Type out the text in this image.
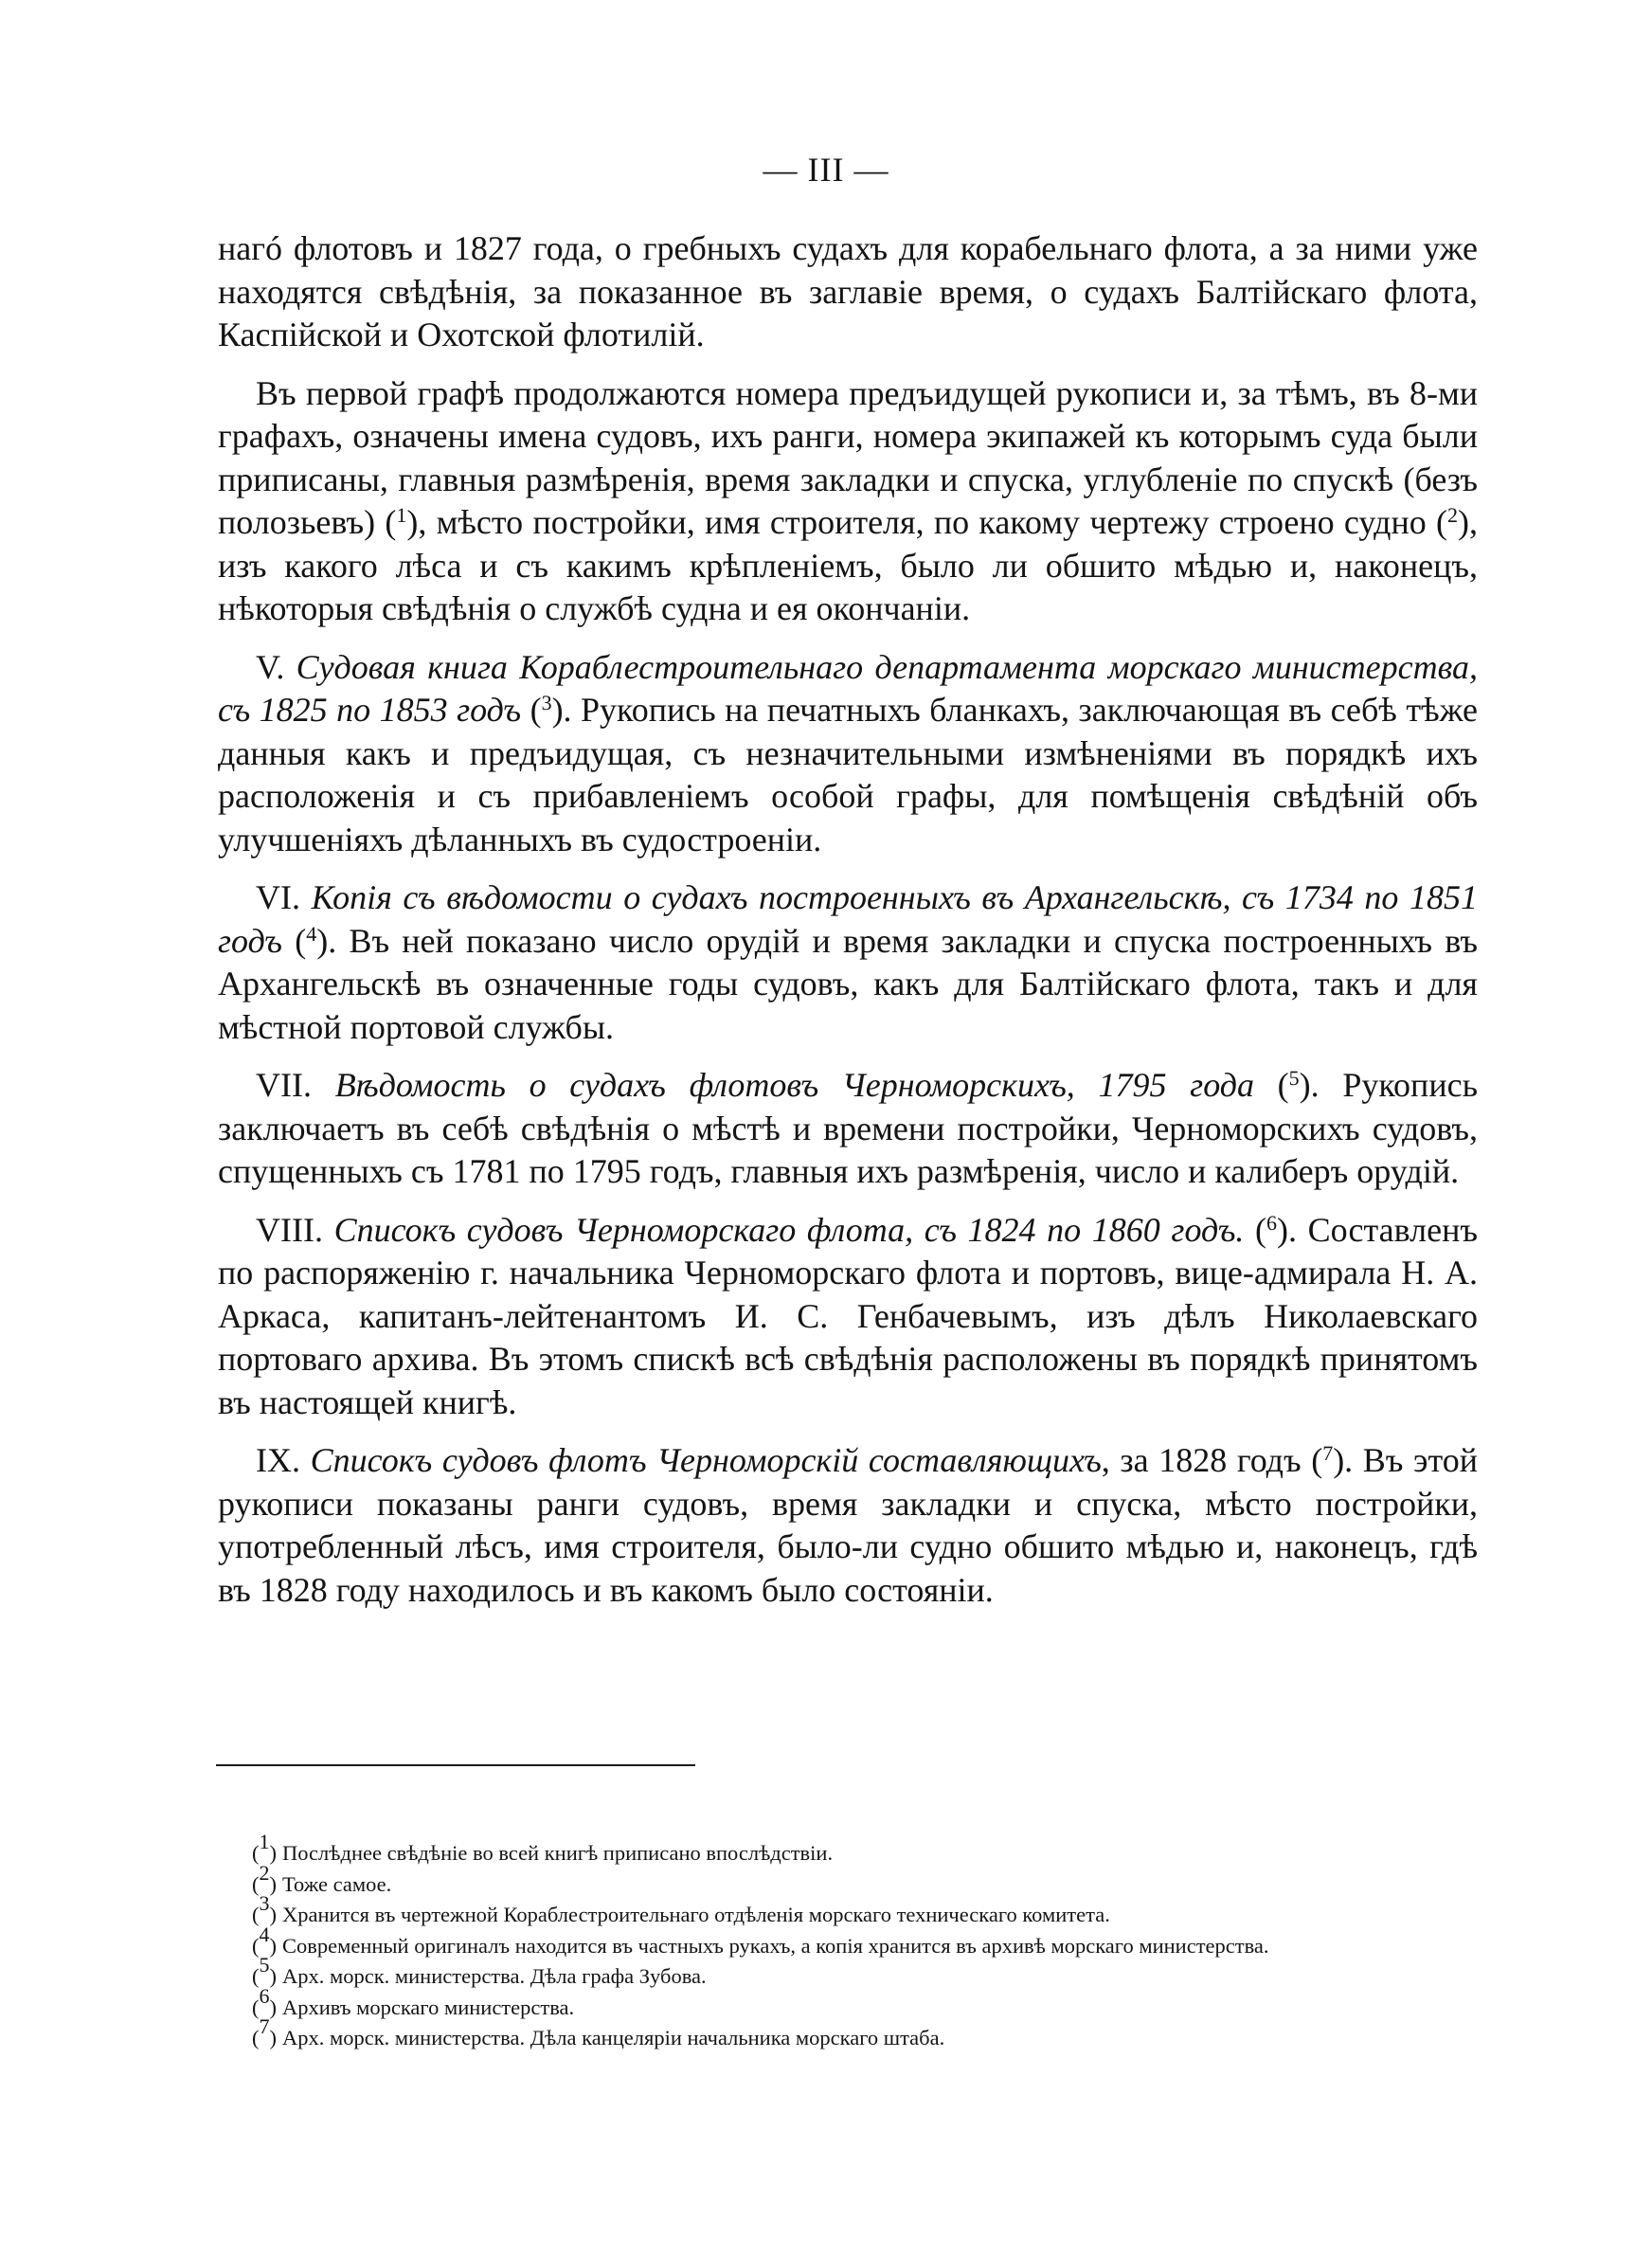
— III —

нагó флотовъ и 1827 года, о гребныхъ судахъ для корабельнаго флота, а за ними уже находятся свѣдѣнія, за показанное въ заглавіе время, о судахъ Балтійскаго флота, Каспійской и Охотской флотилій.

Въ первой графѣ продолжаются номера предъидущей рукописи и, за тѣмъ, въ 8-ми графахъ, означены имена судовъ, ихъ ранги, номера экипажей къ которымъ суда были приписаны, главныя размѣренія, время закладки и спуска, углубленіе по спускѣ (безъ полозьевъ) ($^1$), мѣсто постройки, имя строителя, по какому чертежу строено судно ($^2$), изъ какого лѣса и съ какимъ крѣпленіемъ, было ли обшито мѣдью и, наконецъ, нѣкоторыя свѣдѣнія о службѣ судна и ея окончаніи.

V. Судовая книга Кораблестроительнаго департамента морскаго министерства, съ 1825 по 1853 годъ ($^3$). Рукопись на печатныхъ бланкахъ, заключающая въ себѣ тѣже данныя какъ и предъидущая, съ незначительными измѣненіями въ порядкѣ ихъ расположенія и съ прибавленіемъ особой графы, для помѣщенія свѣдѣній объ улучшеніяхъ дѣланныхъ въ судостроеніи.

VI. Копія съ вѣдомости о судахъ построенныхъ въ Архангельскѣ, съ 1734 по 1851 годъ ($^4$). Въ ней показано число орудій и время закладки и спуска построенныхъ въ Архангельскѣ въ означенные годы судовъ, какъ для Балтійскаго флота, такъ и для мѣстной портовой службы.

VII. Вѣдомость о судахъ флотовъ Черноморскихъ, 1795 года ($^5$). Рукопись заключаетъ въ себѣ свѣдѣнія о мѣстѣ и времени постройки, Черноморскихъ судовъ, спущенныхъ съ 1781 по 1795 годъ, главныя ихъ размѣренія, число и калиберъ орудій.

VIII. Списокъ судовъ Черноморскаго флота, съ 1824 по 1860 годъ. ($^6$). Составленъ по распоряженію г. начальника Черноморскаго флота и портовъ, вице-адмирала Н. А. Аркаса, капитанъ-лейтенантомъ И. С. Генбачевымъ, изъ дѣлъ Николаевскаго портоваго архива. Въ этомъ спискѣ всѣ свѣдѣнія расположены въ порядкѣ принятомъ въ настоящей книгѣ.

IX. Списокъ судовъ флотъ Черноморскій составляющихъ, за 1828 годъ ($^7$). Въ этой рукописи показаны ранги судовъ, время закладки и спуска, мѣсто постройки, употребленный лѣсъ, имя строителя, было-ли судно обшито мѣдью и, наконецъ, гдѣ въ 1828 году находилось и въ какомъ было состояніи.

($^1$) Послѣднее свѣдѣніе во всей книгѣ приписано впослѣдствіи.

($^2$) Тоже самое.

($^3$) Хранится въ чертежной Кораблестроительнаго отдѣленія морскаго техническаго комитета.

($^4$) Современный оригиналъ находится въ частныхъ рукахъ, а копія хранится въ архивѣ морскаго министерства.

($^5$) Арх. морск. министерства. Дѣла графа Зубова.

($^6$) Архивъ морскаго министерства.

($^7$) Арх. морск. министерства. Дѣла канцеляріи начальника морскаго штаба.
